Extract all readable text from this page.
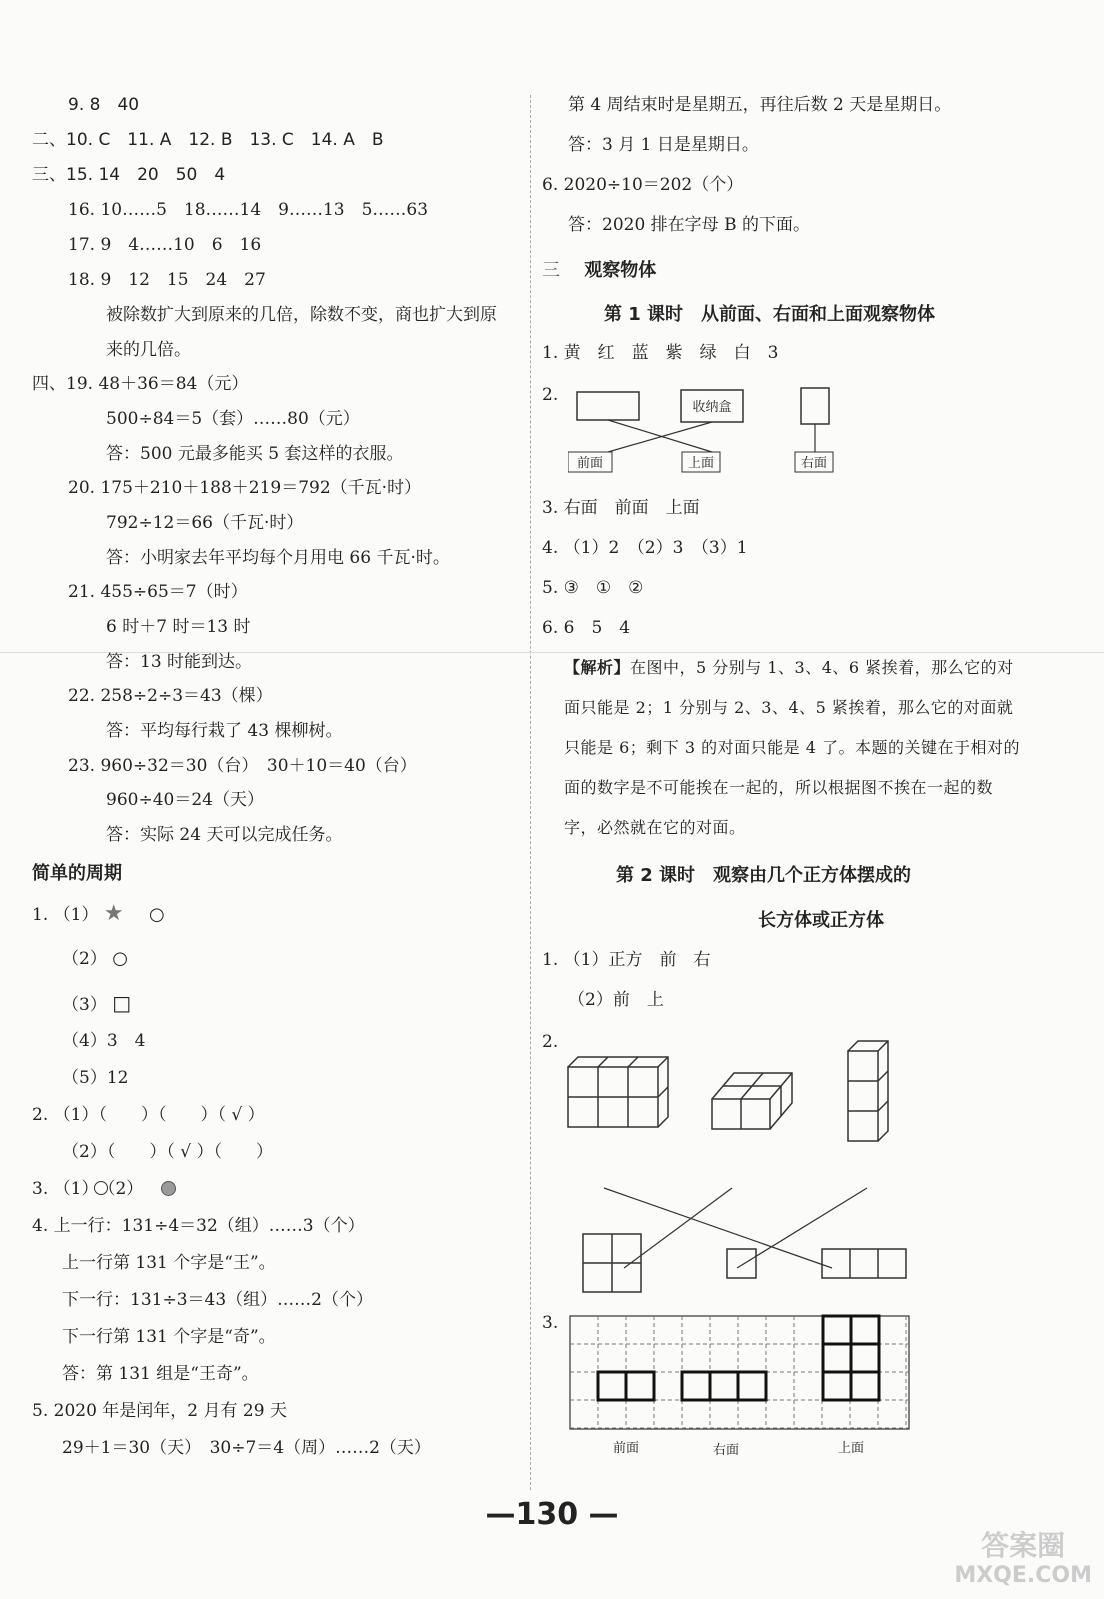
9. 8　40
二、10. C　11. A　12. B　13. C　14. A　B
三、15. 14　20　50　4
16. 10……5　18……14　9……13　5……63
17. 9　4……10　6　16
18. 9　12　15　24　27
被除数扩大到原来的几倍，除数不变，商也扩大到原
来的几倍。
四、19. 48＋36＝84（元）
500÷84＝5（套）……80（元）
答：500 元最多能买 5 套这样的衣服。
20. 175＋210＋188＋219＝792（千瓦·时）
792÷12＝66（千瓦·时）
答：小明家去年平均每个月用电 66 千瓦·时。
21. 455÷65＝7（时）
6 时＋7 时＝13 时
答：13 时能到达。
22. 258÷2÷3＝43（棵）
答：平均每行栽了 43 棵柳树。
23. 960÷32＝30（台）　30＋10＝40（台）
960÷40＝24（天）
答：实际 24 天可以完成任务。
简单的周期
1. （1） ★ ○
（2） ○
（3） □
（4）3　4
（5）12
2. （1）（　　）（　　）（ √ ）
（2）（　　）（ √ ）（　　）
3. （1）　（2）
4. 上一行：131÷4＝32（组）……3（个）
上一行第 131 个字是“王”。
下一行：131÷3＝43（组）……2（个）
下一行第 131 个字是“奇”。
答：第 131 组是“王奇”。
5. 2020 年是闰年，2 月有 29 天
29＋1＝30（天）　30÷7＝4（周）……2（天）
第 4 周结束时是星期五，再往后数 2 天是星期日。
答：3 月 1 日是星期日。
6. 2020÷10＝202（个）
答：2020 排在字母 B 的下面。
三 观察物体
第 1 课时　从前面、右面和上面观察物体
1. 黄　红　蓝　紫　绿　白　3
2.
收纳盒
前面	上面	右面
3. 右面　前面　上面
4. （1）2　（2）3　（3）1
5. ③　①　②
6. 6　5　4
【解析】在图中，5 分别与 1、3、4、6 紧挨着，那么它的对面只能是 2；1 分别与 2、3、4、5 紧挨着，那么它的对面就只能是 6；剩下 3 的对面只能是 4 了。本题的关键在于相对的面的数字是不可能挨在一起的，所以根据图不挨在一起的数字，必然就在它的对面。
第 2 课时　观察由几个正方体摆成的
长方体或正方体
1. （1）正方　前　右
（2）前　上
2.
3.
前面	右面	上面
—130 —
答案圈
MXQE.COM
